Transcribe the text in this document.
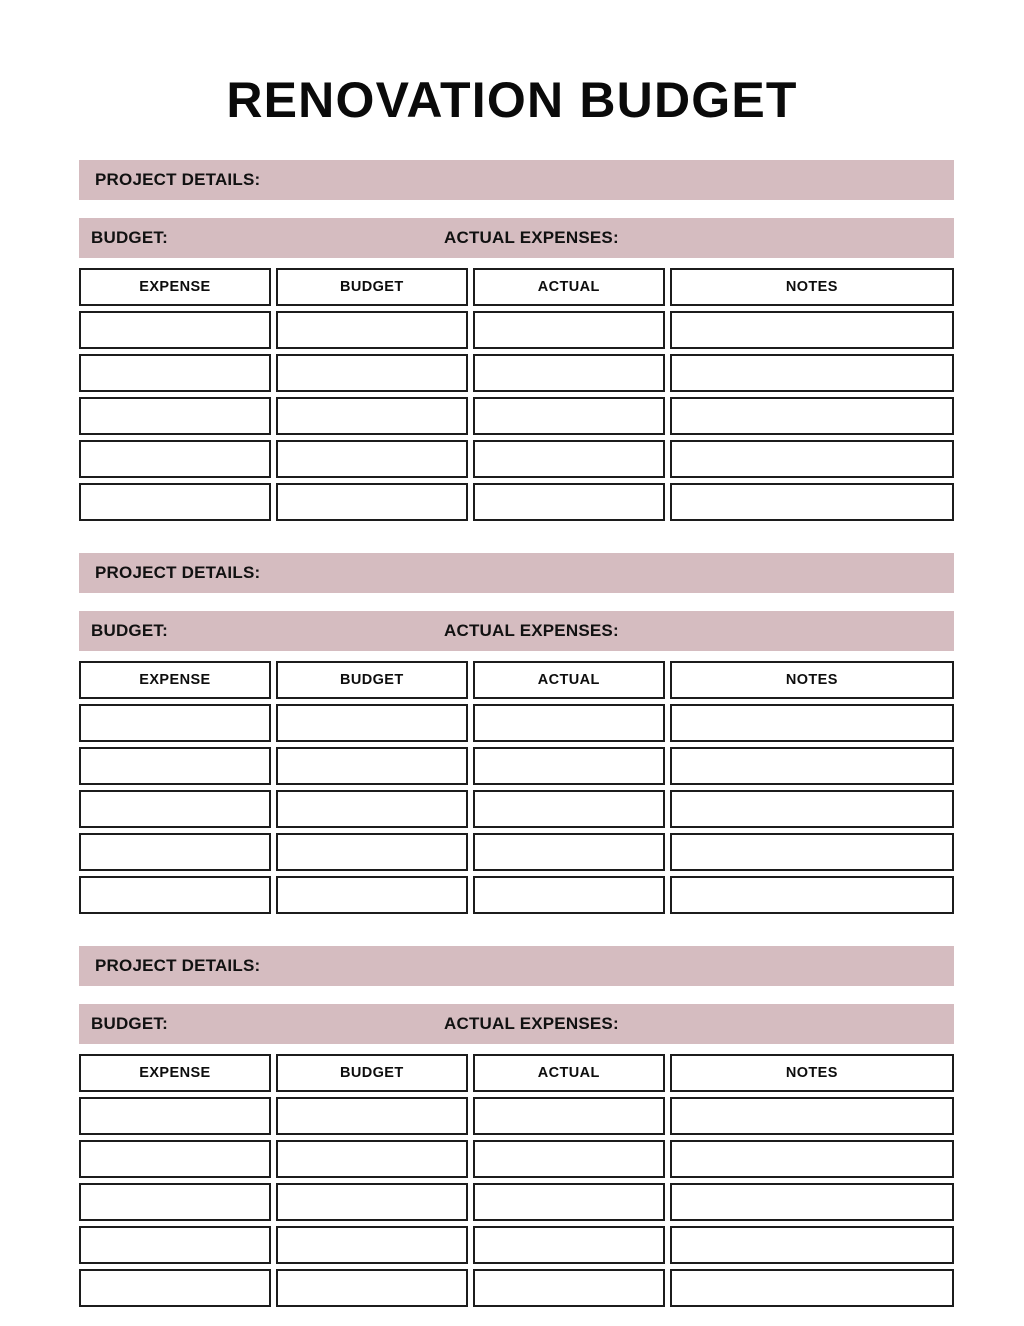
RENOVATION BUDGET
PROJECT DETAILS:
BUDGET:	ACTUAL EXPENSES:
EXPENSE	BUDGET	ACTUAL	NOTES
PROJECT DETAILS:
BUDGET:	ACTUAL EXPENSES:
EXPENSE	BUDGET	ACTUAL	NOTES
PROJECT DETAILS:
BUDGET:	ACTUAL EXPENSES:
EXPENSE	BUDGET	ACTUAL	NOTES
